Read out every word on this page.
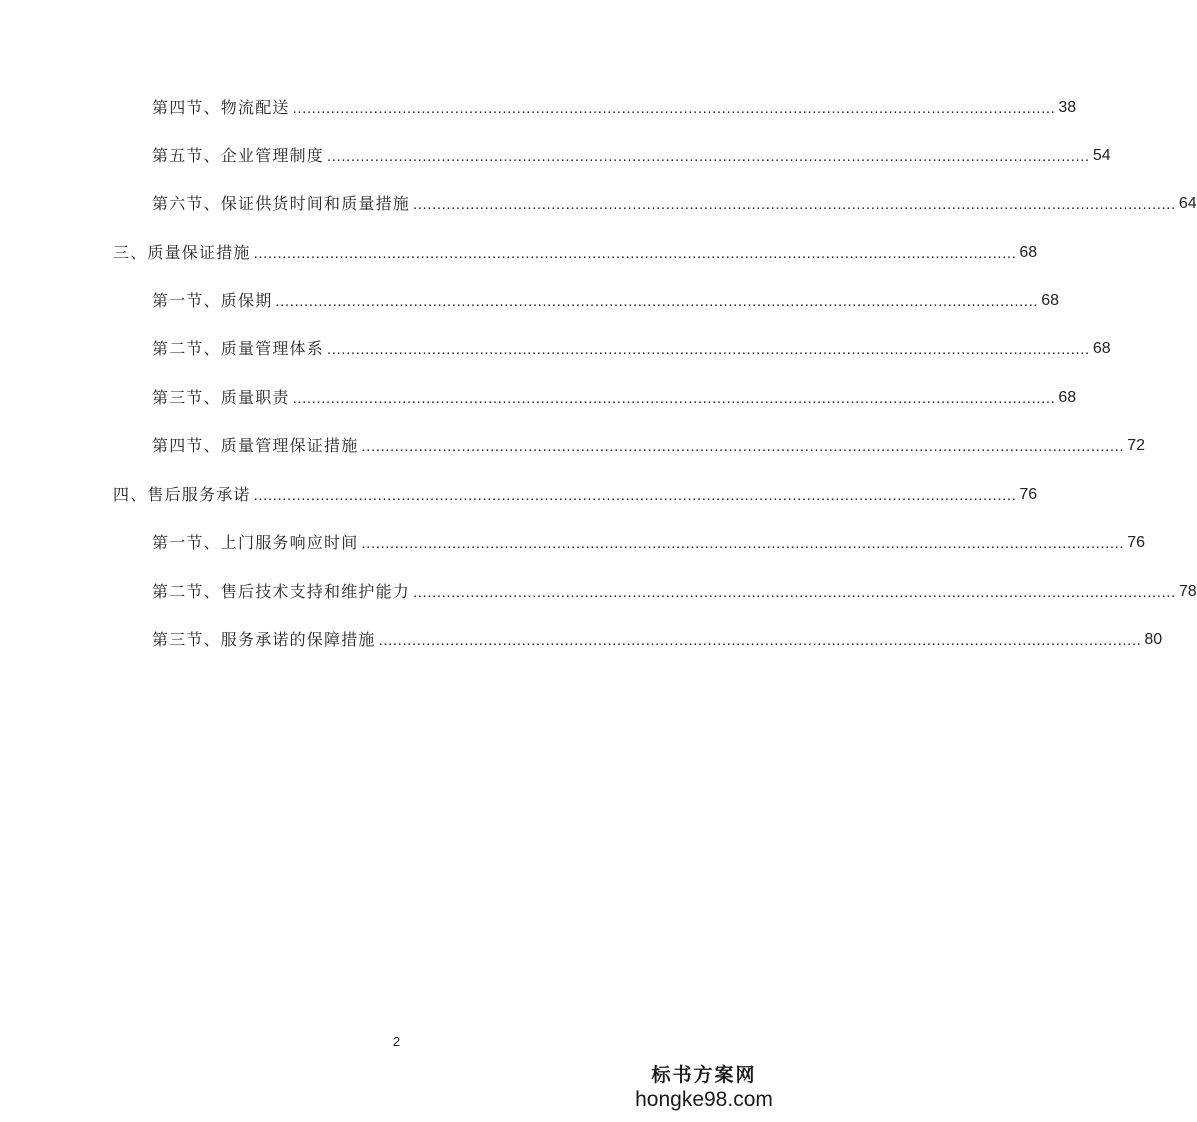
第四节、物流配送 ................................................................................................................................................................ 38
第五节、企业管理制度 ................................................................................................................................................................ 54
第六节、保证供货时间和质量措施 ................................................................................................................................................................ 64
三、 质量保证措施 ................................................................................................................................................................ 68
第一节、质保期 ................................................................................................................................................................ 68
第二节、质量管理体系 ................................................................................................................................................................ 68
第三节、质量职责 ................................................................................................................................................................ 68
第四节、质量管理保证措施 ................................................................................................................................................................ 72
四、 售后服务承诺 ................................................................................................................................................................ 76
第一节、上门服务响应时间 ................................................................................................................................................................ 76
第二节、售后技术支持和维护能力 ................................................................................................................................................................ 78
第三节、服务承诺的保障措施 ................................................................................................................................................................ 80
2
标书方案网
hongke98.com
